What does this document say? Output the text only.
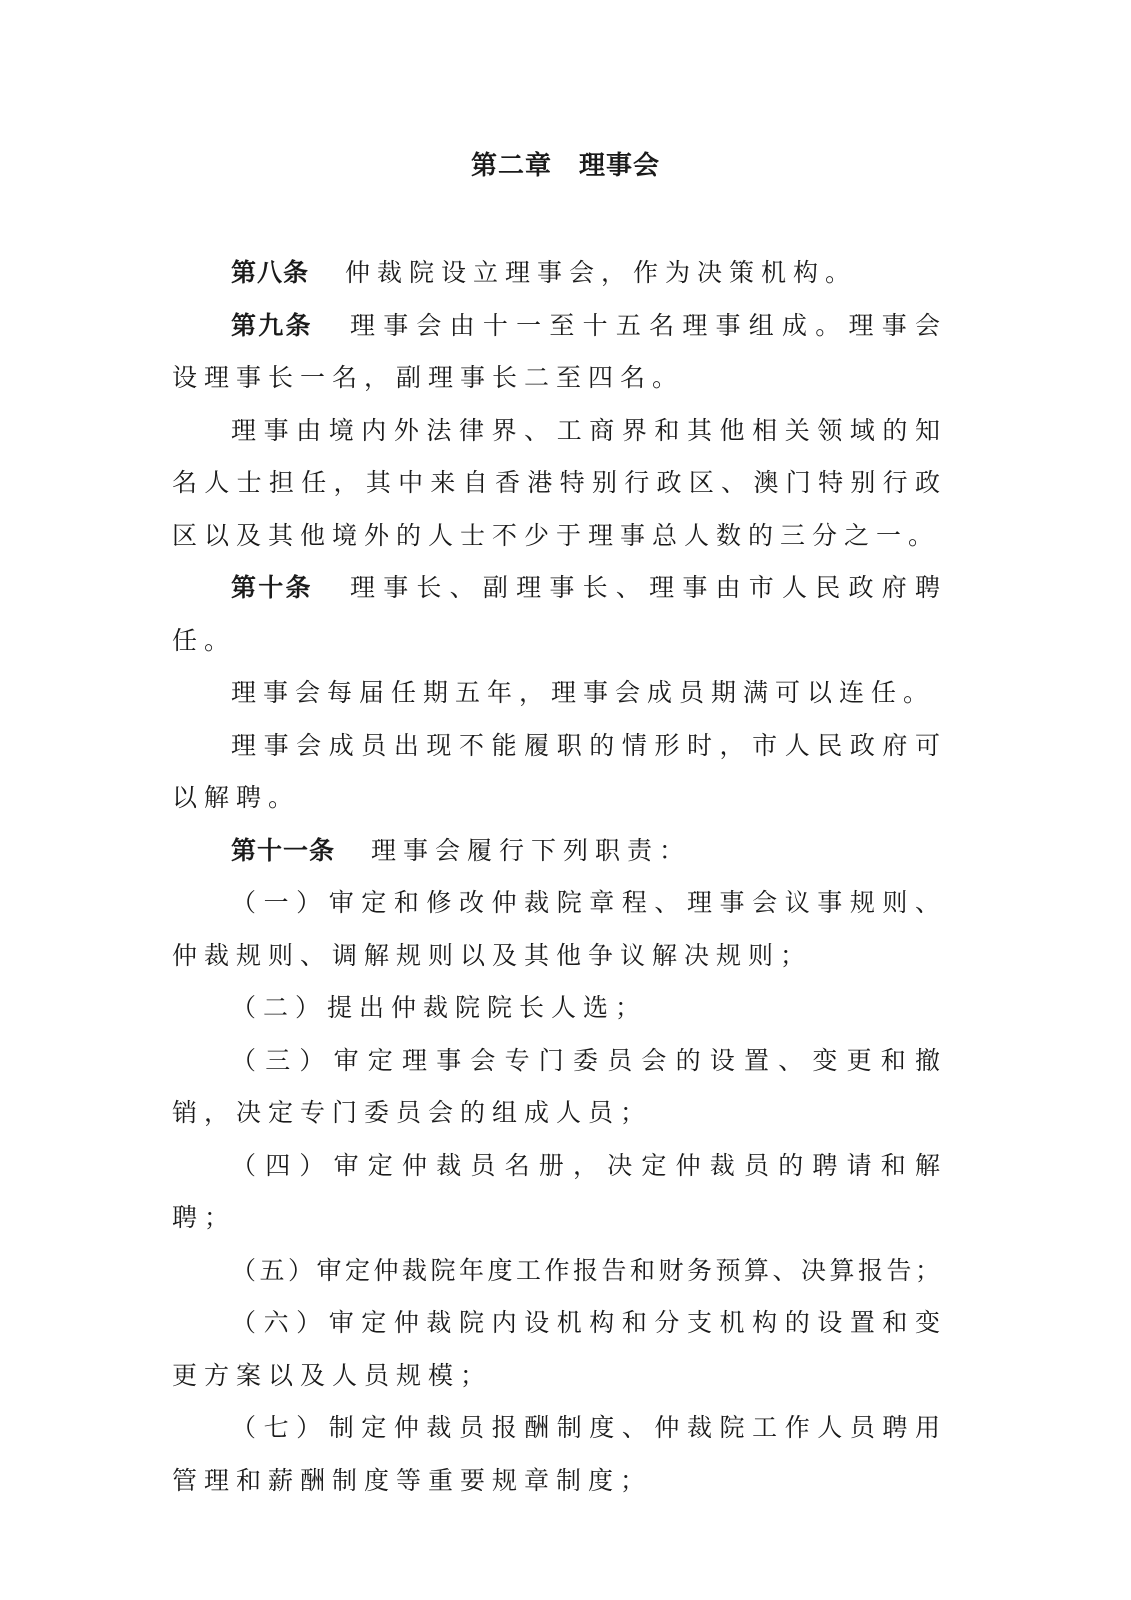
第二章　理事会

第八条 仲裁院设立理事会，作为决策机构。

第九条 理事会由十一至十五名理事组成。理事会设理事长一名，副理事长二至四名。

理事由境内外法律界、工商界和其他相关领域的知名人士担任，其中来自香港特别行政区、澳门特别行政区以及其他境外的人士不少于理事总人数的三分之一。

第十条 理事长、副理事长、理事由市人民政府聘任。

理事会每届任期五年，理事会成员期满可以连任。

理事会成员出现不能履职的情形时，市人民政府可以解聘。

第十一条 理事会履行下列职责：

（一）审定和修改仲裁院章程、理事会议事规则、仲裁规则、调解规则以及其他争议解决规则；

（二）提出仲裁院院长人选；

（三）审定理事会专门委员会的设置、变更和撤销，决定专门委员会的组成人员；

（四）审定仲裁员名册，决定仲裁员的聘请和解聘；

（五）审定仲裁院年度工作报告和财务预算、决算报告；

（六）审定仲裁院内设机构和分支机构的设置和变更方案以及人员规模；

（七）制定仲裁员报酬制度、仲裁院工作人员聘用管理和薪酬制度等重要规章制度；
